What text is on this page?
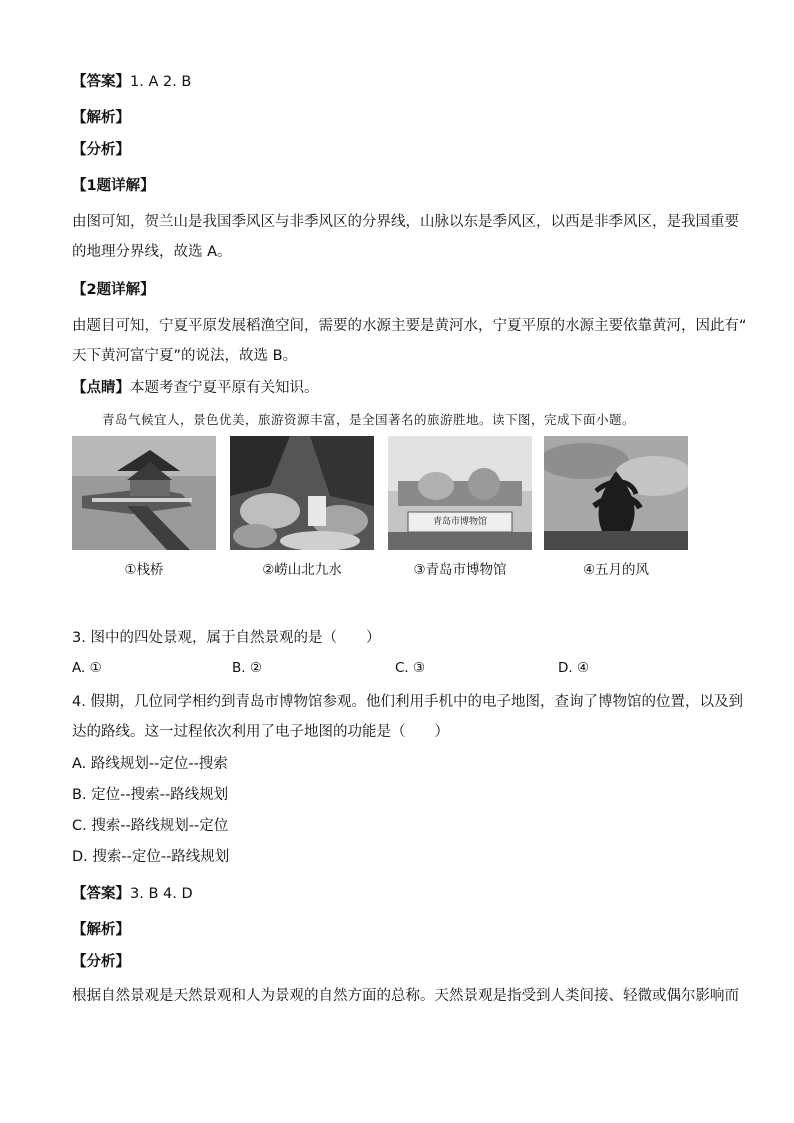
【答案】1. A 2. B
【解析】
【分析】
【1题详解】
由图可知，贺兰山是我国季风区与非季风区的分界线，山脉以东是季风区，以西是非季风区，是我国重要
的地理分界线，故选 A。
【2题详解】
由题目可知，宁夏平原发展稻渔空间，需要的水源主要是黄河水，宁夏平原的水源主要依靠黄河，因此有“
天下黄河富宁夏”的说法，故选 B。
【点睛】本题考查宁夏平原有关知识。
青岛气候宜人，景色优美，旅游资源丰富，是全国著名的旅游胜地。读下图，完成下面小题。
青岛市博物馆
①栈桥	②崂山北九水	③青岛市博物馆	④五月的风
3. 图中的四处景观，属于自然景观的是（　　）
A. ①	B. ②	C. ③	D. ④
4. 假期，几位同学相约到青岛市博物馆参观。他们利用手机中的电子地图，查询了博物馆的位置，以及到
达的路线。这一过程依次利用了电子地图的功能是（　　）
A. 路线规划--定位--搜索
B. 定位--搜索--路线规划
C. 搜索--路线规划--定位
D. 搜索--定位--路线规划
【答案】3. B 4. D
【解析】
【分析】
根据自然景观是天然景观和人为景观的自然方面的总称。天然景观是指受到人类间接、轻微或偶尔影响而
